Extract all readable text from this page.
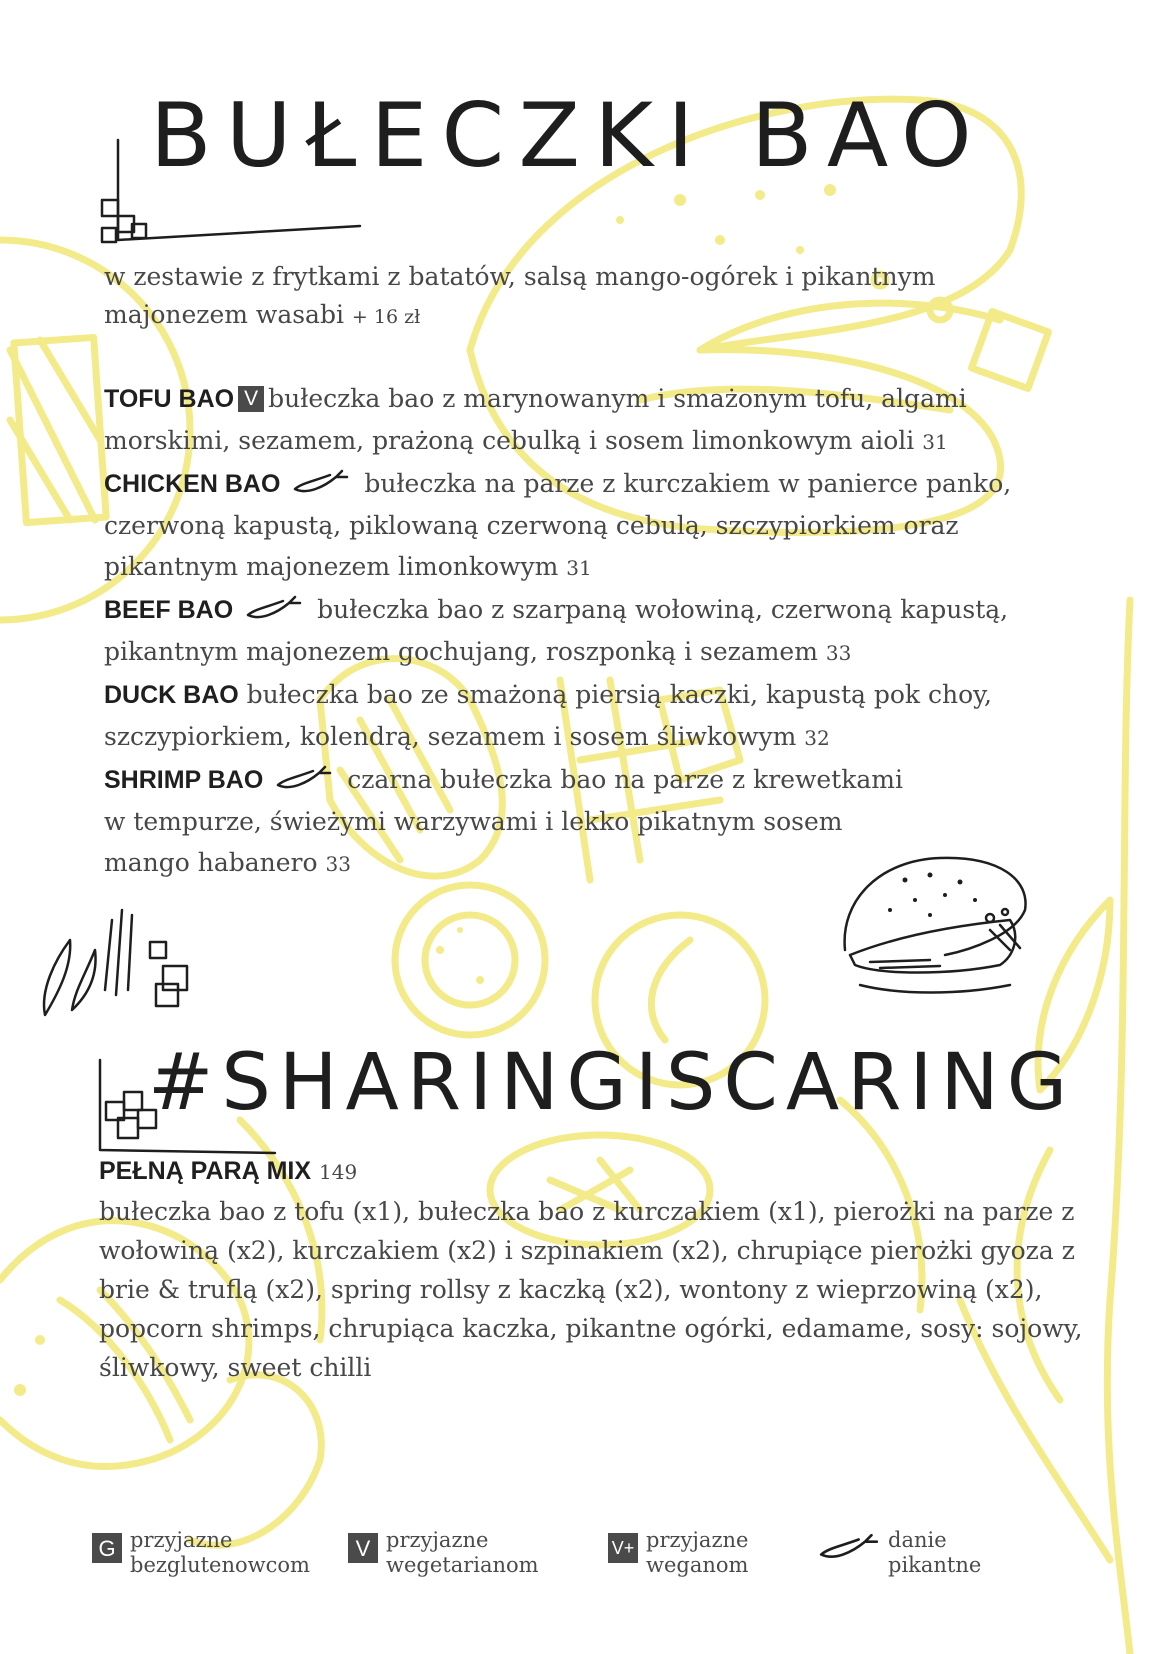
BUŁECZKI BAO
w zestawie z frytkami z batatów, salsą mango-ogórek i pikantnym majonezem wasabi + 16 zł

TOFU BAO V bułeczka bao z marynowanym i smażonym tofu, algami morskimi, sezamem, prażoną cebulką i sosem limonkowym aioli 31

CHICKEN BAO	bułeczka na parze z kurczakiem w panierce panko, czerwoną kapustą, piklowaną czerwoną cebulą, szczypiorkiem oraz pikantnym majonezem limonkowym 31

BEEF BAO	bułeczka bao z szarpaną wołowiną, czerwoną kapustą, pikantnym majonezem gochujang, roszponką i sezamem 33

DUCK BAO bułeczka bao ze smażoną piersią kaczki, kapustą pok choy, szczypiorkiem, kolendrą, sezamem i sosem śliwkowym 32

SHRIMP BAO	czarna bułeczka bao na parze z krewetkami w tempurze, świeżymi warzywami i lekko pikatnym sosem mango habanero 33

#SHARINGISCARING
PEŁNĄ PARĄ MIX 149
bułeczka bao z tofu (x1), bułeczka bao z kurczakiem (x1), pierożki na parze z wołowiną (x2), kurczakiem (x2) i szpinakiem (x2), chrupiące pierożki gyoza z brie & truflą (x2), spring rollsy z kaczką (x2), wontony z wieprzowiną (x2), popcorn shrimps, chrupiąca kaczka, pikantne ogórki, edamame, sosy: sojowy, śliwkowy, sweet chilli
G przyjazne
bezglutenowcom
V przyjazne
wegetarianom
V+ przyjazne
weganom
danie
pikantne
